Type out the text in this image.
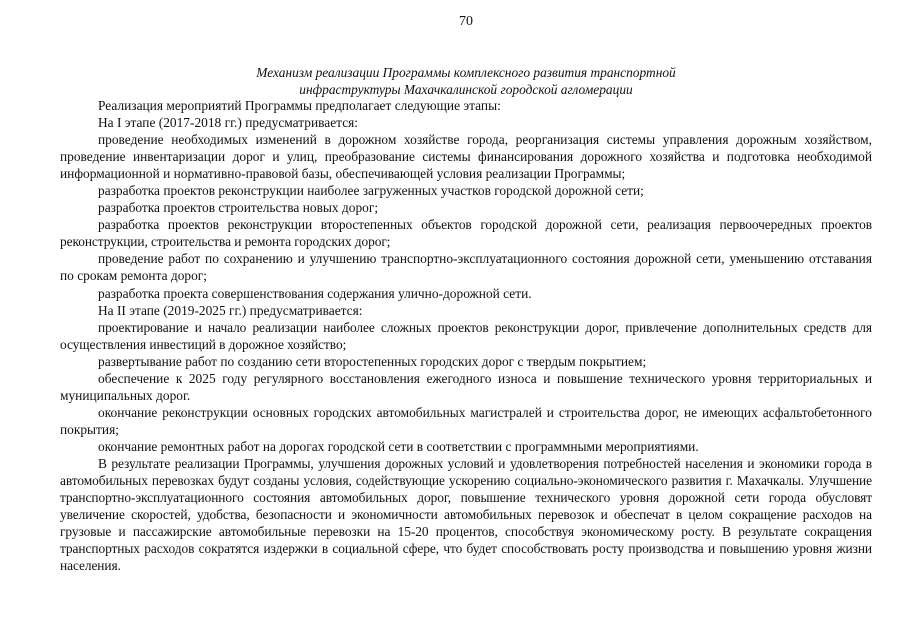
70
Механизм реализации Программы комплексного развития транспортной
инфраструктуры Махачкалинской городской агломерации

Реализация мероприятий Программы предполагает следующие этапы:

На I этапе (2017-2018 гг.) предусматривается:

проведение необходимых изменений в дорожном хозяйстве города, реорганизация системы управления дорожным хозяйством, проведение инвентаризации дорог и улиц, преобразование системы финансирования дорожного хозяйства и подготовка необходимой информационной и нормативно-правовой базы, обеспечивающей условия реализации Программы;

разработка проектов реконструкции наиболее загруженных участков городской дорожной сети;

разработка проектов строительства новых дорог;

разработка проектов реконструкции второстепенных объектов городской дорожной сети, реализация первоочередных проектов реконструкции, строительства и ремонта городских дорог;

проведение работ по сохранению и улучшению транспортно-эксплуатационного состояния дорожной сети, уменьшению отставания по срокам ремонта дорог;

разработка проекта совершенствования содержания улично-дорожной сети.

На II этапе (2019-2025 гг.) предусматривается:

проектирование и начало реализации наиболее сложных проектов реконструкции дорог, привлечение дополнительных средств для осуществления инвестиций в дорожное хозяйство;

развертывание работ по созданию сети второстепенных городских дорог с твердым покрытием;

обеспечение к 2025 году регулярного восстановления ежегодного износа и повышение технического уровня территориальных и муниципальных дорог.

окончание реконструкции основных городских автомобильных магистралей и строительства дорог, не имеющих асфальтобетонного покрытия;

окончание ремонтных работ на дорогах городской сети в соответствии с программными мероприятиями.

В результате реализации Программы, улучшения дорожных условий и удовлетворения потребностей населения и экономики города в автомобильных перевозках будут созданы условия, содействующие ускорению социально-экономического развития г. Махачкалы. Улучшение транспортно-эксплуатационного состояния автомобильных дорог, повышение технического уровня дорожной сети города обусловят увеличение скоростей, удобства, безопасности и экономичности автомобильных перевозок и обеспечат в целом сокращение расходов на грузовые и пассажирские автомобильные перевозки на 15-20 процентов, способствуя экономическому росту. В результате сокращения транспортных расходов сократятся издержки в социальной сфере, что будет способствовать росту производства и повышению уровня жизни населения.
